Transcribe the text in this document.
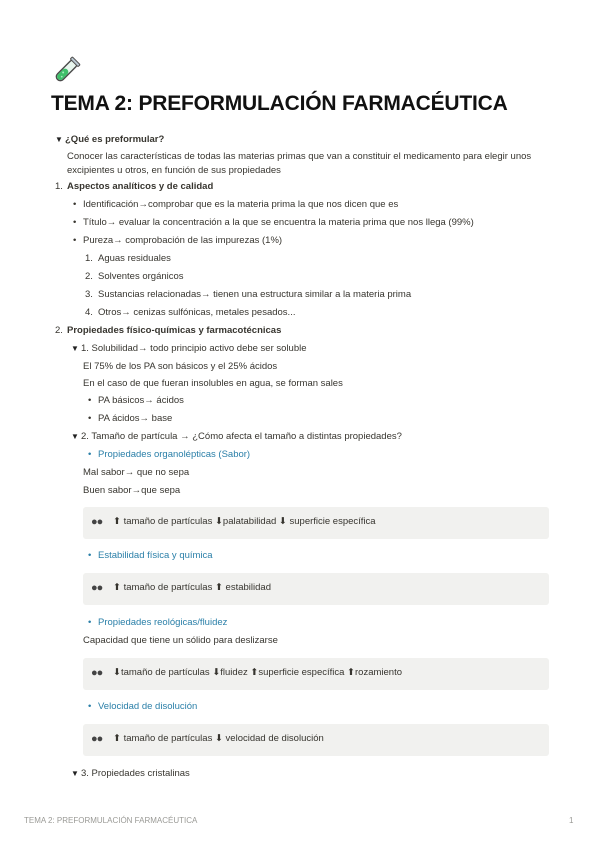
TEMA 2: PREFORMULACIÓN FARMACÉUTICA
▼ ¿Qué es preformular?
Conocer las características de todas las materias primas que van a constituir el medicamento para elegir unos
excipientes u otros, en función de sus propiedades
1. Aspectos analíticos y de calidad
• Identificación→comprobar que es la materia prima la que nos dicen que es
• Título→ evaluar la concentración a la que se encuentra la materia prima que nos llega (99%)
• Pureza→ comprobación de las impurezas (1%)
1. Aguas residuales
2. Solventes orgánicos
3. Sustancias relacionadas→ tienen una estructura similar a la materia prima
4. Otros→ cenizas sulfónicas, metales pesados...
2. Propiedades físico-químicas y farmacotécnicas
▼ 1. Solubilidad→ todo principio activo debe ser soluble
El 75% de los PA son básicos y el 25% ácidos
En el caso de que fueran insolubles en agua, se forman sales
• PA básicos→ ácidos
• PA ácidos→ base
▼ 2. Tamaño de partícula → ¿Cómo afecta el tamaño a distintas propiedades?
• Propiedades organolépticas (Sabor)
Mal sabor→ que no sepa
Buen sabor→que sepa
●● ⬆ tamaño de partículas ⬇palatabilidad ⬇ superficie específica
• Estabilidad física y química
●● ⬆ tamaño de partículas ⬆ estabilidad
• Propiedades reológicas/fluidez
Capacidad que tiene un sólido para deslizarse
●● ⬇tamaño de partículas ⬇fluidez ⬆superficie específica ⬆rozamiento
• Velocidad de disolución
●● ⬆ tamaño de partículas ⬇ velocidad de disolución
▼ 3. Propiedades cristalinas
TEMA 2: PREFORMULACIÓN FARMACÉUTICA	1
